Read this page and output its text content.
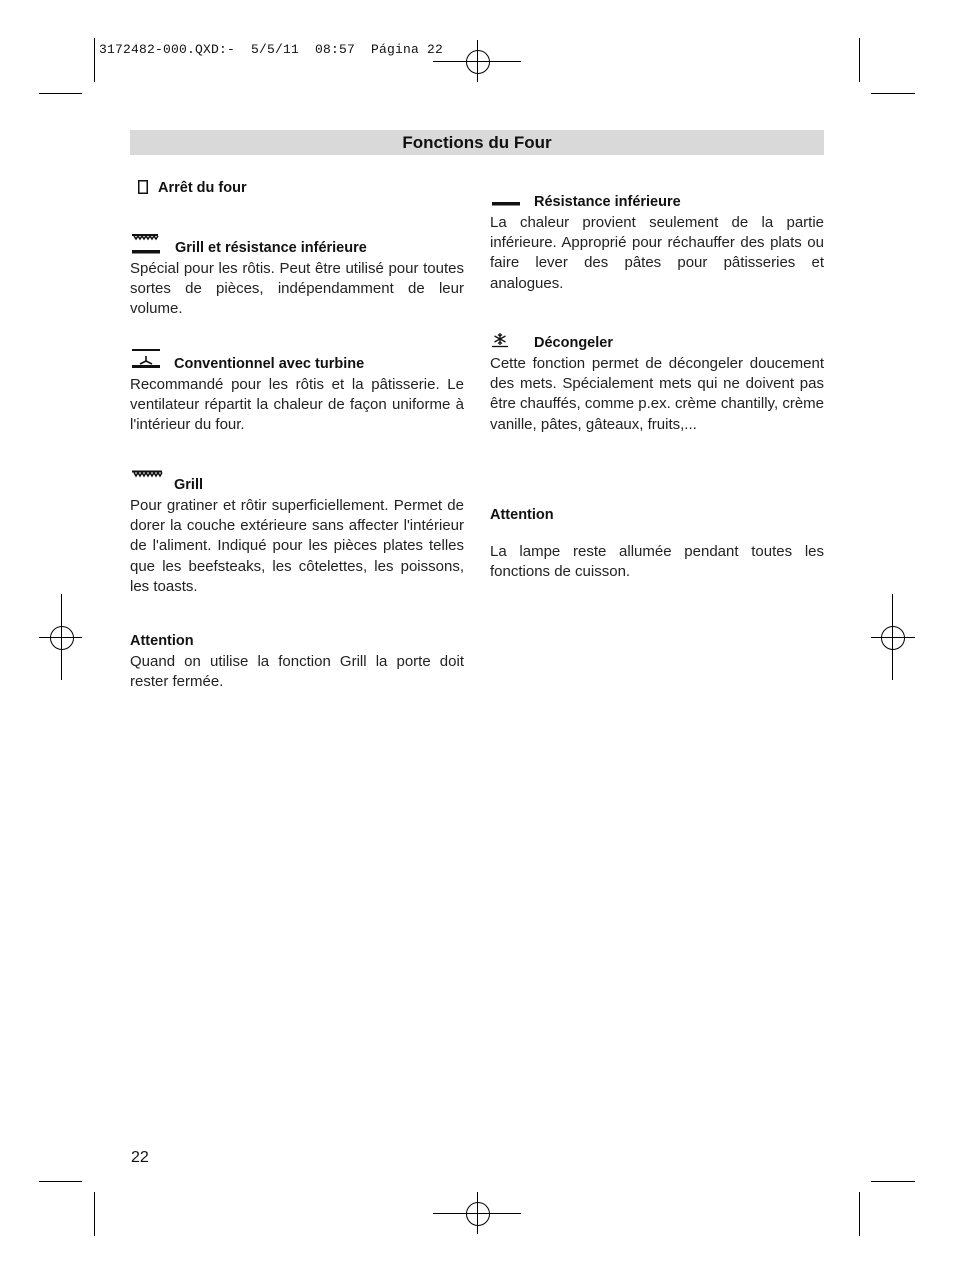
3172482-000.QXD:-  5/5/11  08:57  Página 22
Fonctions du Four
Arrêt du four
Grill et résistance inférieure
Spécial pour les rôtis. Peut être utilisé pour toutes sortes de pièces, indépendamment de leur volume.
Conventionnel avec turbine
Recommandé pour les rôtis et la pâtisserie. Le ventilateur répartit la chaleur de façon uniforme à l'intérieur du four.
Grill
Pour gratiner et rôtir superficiellement. Permet de dorer la couche extérieure sans affecter l'intérieur de l'aliment. Indiqué pour les pièces plates telles que les beefsteaks, les côtelettes, les poissons, les toasts.
Attention
Quand on utilise la fonction Grill la porte doit rester fermée.
Résistance inférieure
La chaleur provient seulement de la partie inférieure. Approprié pour réchauffer des plats ou faire lever des pâtes pour pâtisseries et analogues.
Décongeler
Cette fonction permet de décongeler doucement des mets. Spécialement mets qui ne doivent pas être chauffés, comme p.ex. crème chantilly, crème vanille, pâtes, gâteaux, fruits,...
Attention
La lampe reste allumée pendant toutes les fonctions de cuisson.
22
